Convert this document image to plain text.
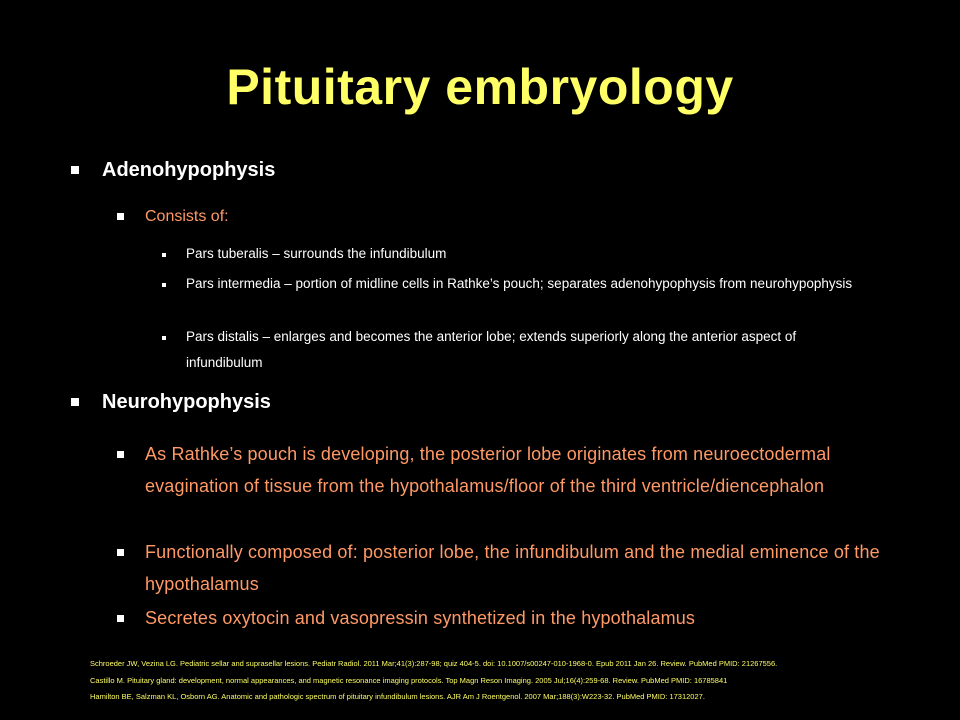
Pituitary embryology
Adenohypophysis
Consists of:
Pars tuberalis – surrounds the infundibulum
Pars intermedia – portion of midline cells in Rathke’s pouch; separates adenohypophysis from neurohypophysis
Pars distalis – enlarges and becomes the anterior lobe; extends superiorly along the anterior aspect of infundibulum
Neurohypophysis
As Rathke’s pouch is developing, the posterior lobe originates from neuroectodermal evagination of tissue from the hypothalamus/floor of the third ventricle/diencephalon
Functionally composed of: posterior lobe, the infundibulum and the medial eminence of the hypothalamus
Secretes oxytocin and vasopressin synthetized in the hypothalamus
Schroeder JW, Vezina LG. Pediatric sellar and suprasellar lesions. Pediatr Radiol. 2011 Mar;41(3):287-98; quiz 404-5. doi: 10.1007/s00247-010-1968-0. Epub 2011 Jan 26. Review. PubMed PMID: 21267556.
Castillo M. Pituitary gland: development, normal appearances, and magnetic resonance imaging protocols. Top Magn Reson Imaging. 2005 Jul;16(4):259-68. Review. PubMed PMID: 16785841
Hamilton BE, Salzman KL, Osborn AG. Anatomic and pathologic spectrum of pituitary infundibulum lesions. AJR Am J Roentgenol. 2007 Mar;188(3):W223-32. PubMed PMID: 17312027.
